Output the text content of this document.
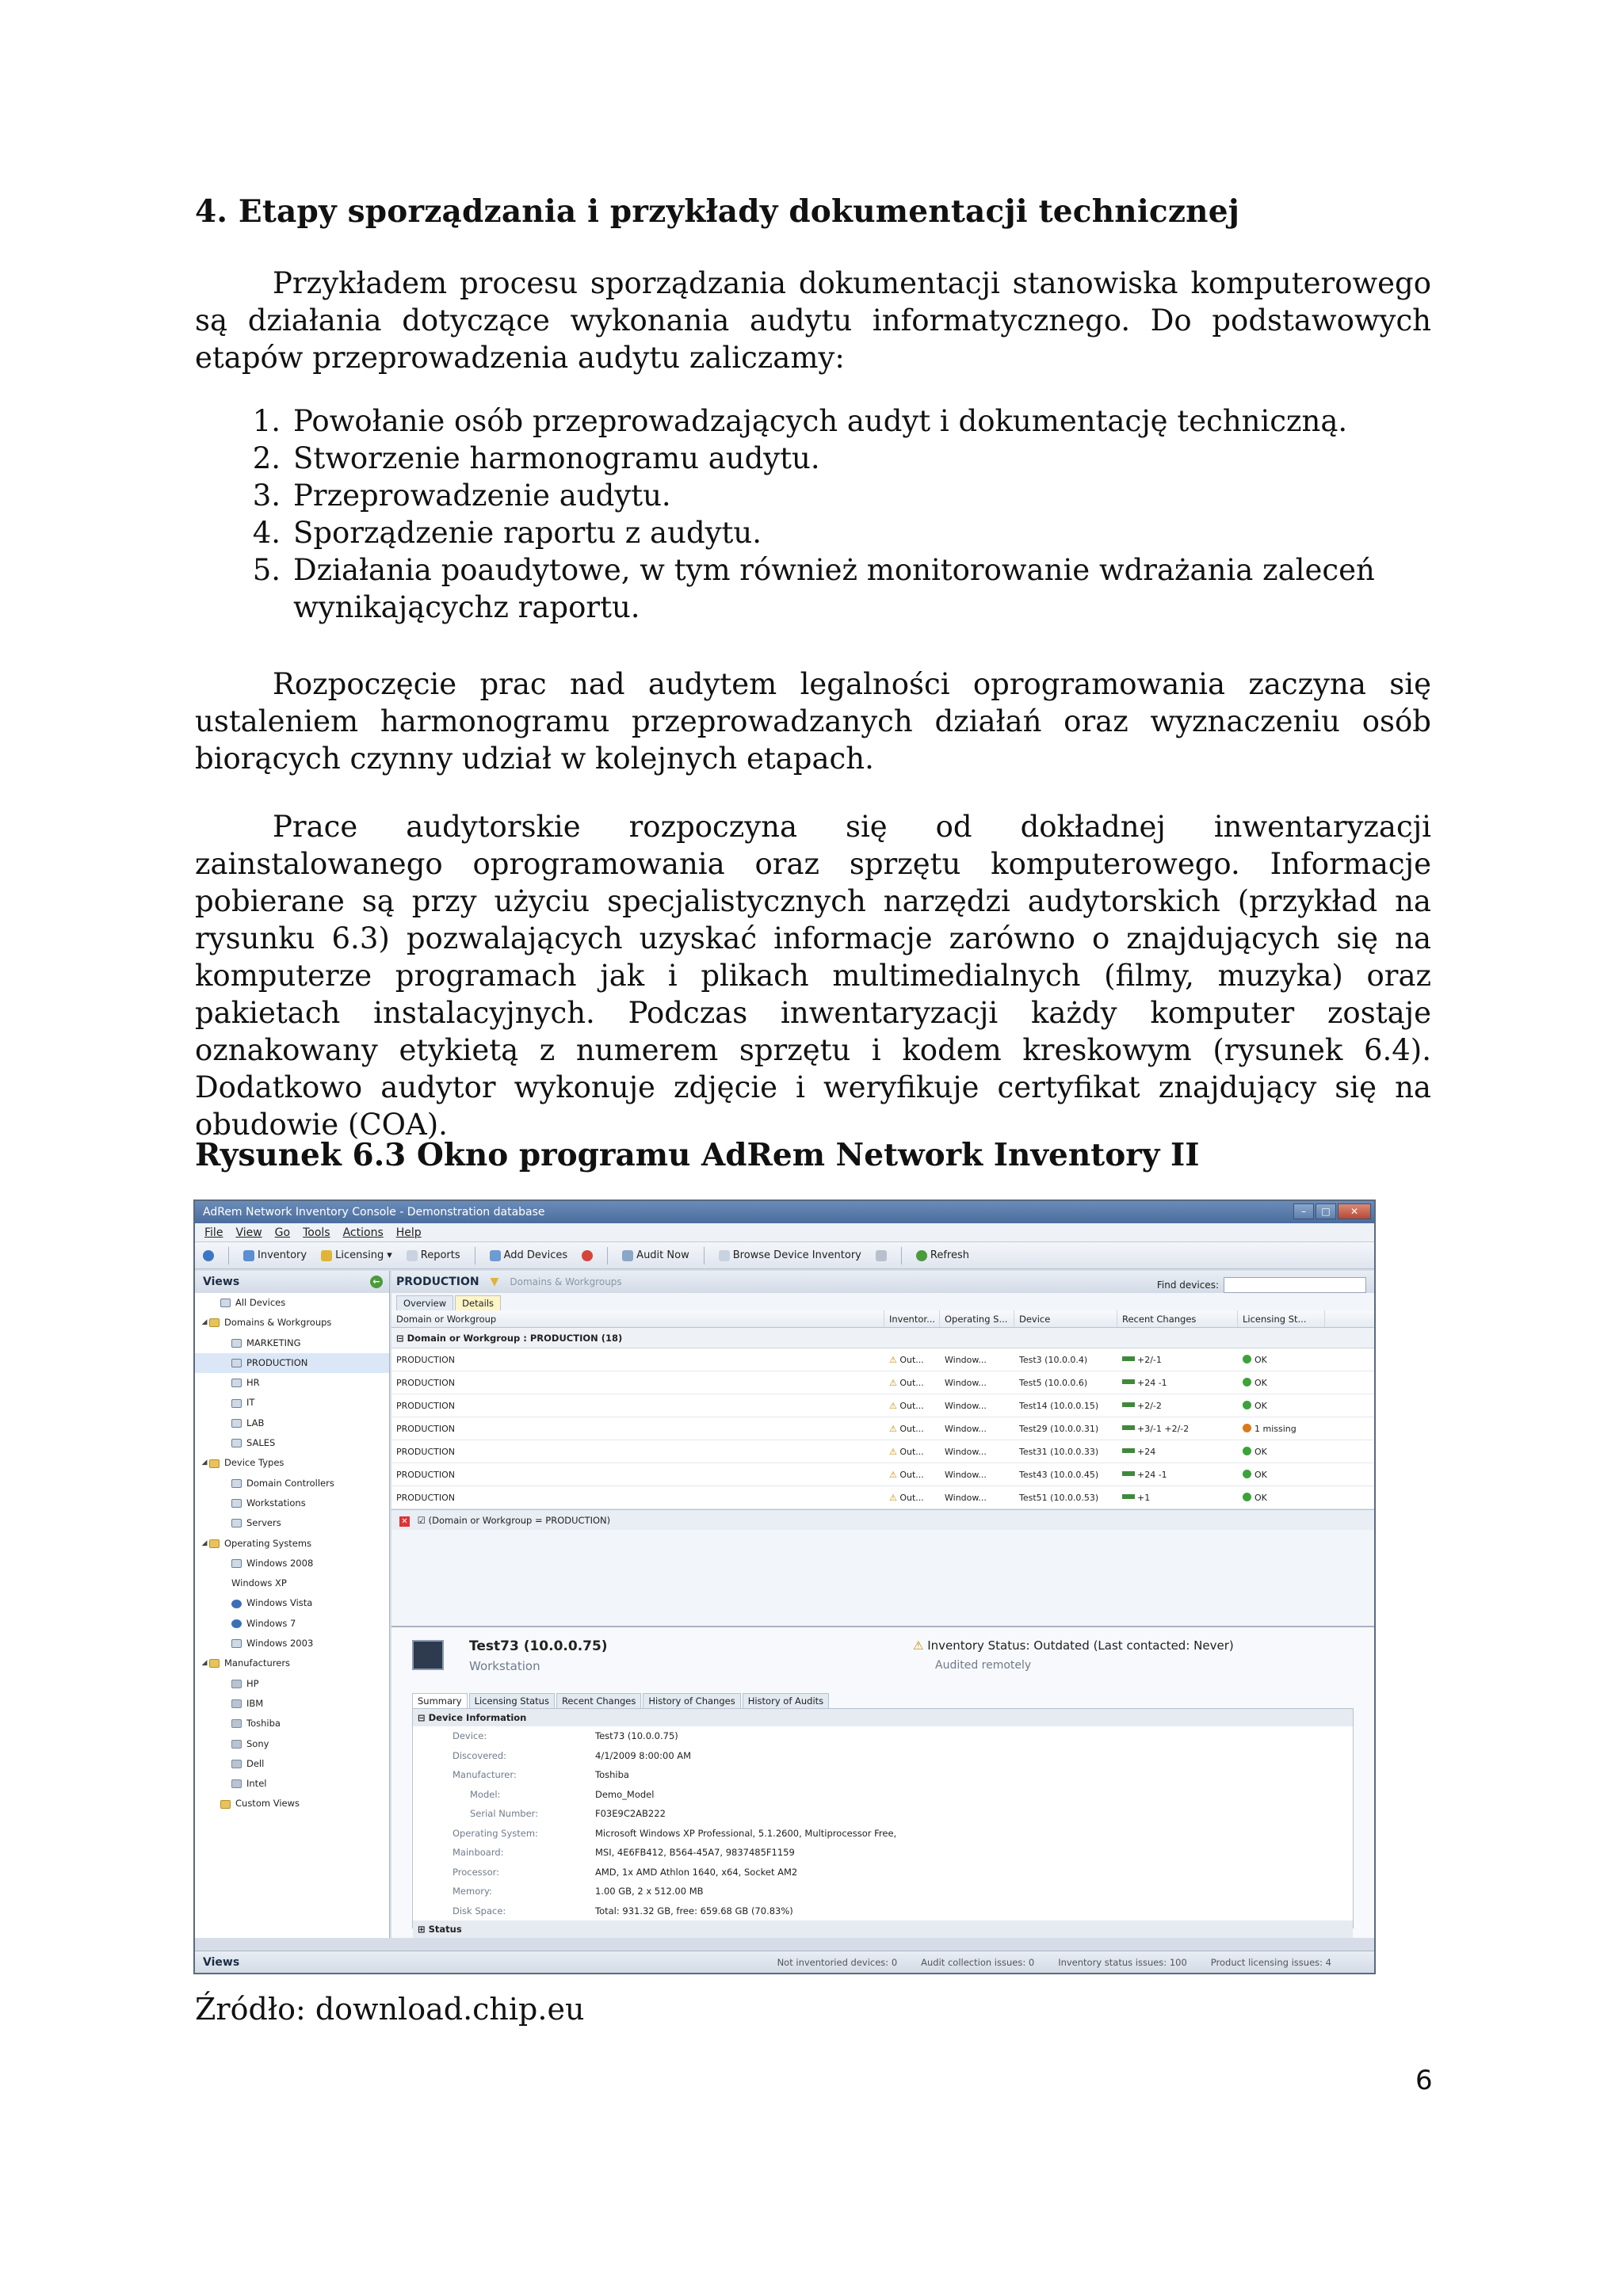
4. Etapy sporządzania i przykłady dokumentacji technicznej

Przykładem procesu sporządzania dokumentacji stanowiska komputerowego są działania dotyczące wykonania audytu informatycznego. Do podstawowych etapów przeprowadzenia audytu zaliczamy:

1. Powołanie osób przeprowadzających audyt i dokumentację techniczną.
2. Stworzenie harmonogramu audytu.
3. Przeprowadzenie audytu.
4. Sporządzenie raportu z audytu.
5. Działania poaudytowe, w tym również monitorowanie wdrażania zaleceń wynikającychz raportu.

Rozpoczęcie prac nad audytem legalności oprogramowania zaczyna się ustaleniem harmonogramu przeprowadzanych działań oraz wyznaczeniu osób biorących czynny udział w kolejnych etapach.

Prace audytorskie rozpoczyna się od dokładnej inwentaryzacji zainstalowanego oprogramowania oraz sprzętu komputerowego. Informacje pobierane są przy użyciu specjalistycznych narzędzi audytorskich (przykład na rysunku 6.3) pozwalających uzyskać informacje zarówno o znajdujących się na komputerze programach jak i plikach multimedialnych (filmy, muzyka) oraz pakietach instalacyjnych. Podczas inwentaryzacji każdy komputer zostaje oznakowany etykietą z numerem sprzętu i kodem kreskowym (rysunek 6.4). Dodatkowo audytor wykonuje zdjęcie i weryfikuje certyfikat znajdujący się na obudowie (COA).

Rysunek 6.3 Okno programu AdRem Network Inventory II
AdRem Network Inventory Console - Demonstration database	–	□	✕
File View Go Tools Actions Help
Inventory	Licensing ▾	Reports	Add Devices	Audit Now	Browse Device Inventory	Refresh
Views	←
All Devices
◢ Domains & Workgroups
MARKETING
PRODUCTION
HR
IT
LAB
SALES
◢ Device Types
Domain Controllers
Workstations
Servers
◢ Operating Systems
Windows 2008
Windows XP
Windows Vista
Windows 7
Windows 2003
◢ Manufacturers
HP
IBM
Toshiba
Sony
Dell
Intel
Custom Views
PRODUCTION ▼ Domains & Workgroups	Find devices:
Overview	Details
Domain or Workgroup	Inventor...	Operating S...	Device	Recent Changes	Licensing St...
⊟ Domain or Workgroup : PRODUCTION (18)
PRODUCTION	⚠ Out...	Window...	Test3 (10.0.0.4)	+2/-1	OK
PRODUCTION	⚠ Out...	Window...	Test5 (10.0.0.6)	+24 -1	OK
PRODUCTION	⚠ Out...	Window...	Test14 (10.0.0.15)	+2/-2	OK
PRODUCTION	⚠ Out...	Window...	Test29 (10.0.0.31)	+3/-1 +2/-2	1 missing
PRODUCTION	⚠ Out...	Window...	Test31 (10.0.0.33)	+24	OK
PRODUCTION	⚠ Out...	Window...	Test43 (10.0.0.45)	+24 -1	OK
PRODUCTION	⚠ Out...	Window...	Test51 (10.0.0.53)	+1	OK
✕ ☑ (Domain or Workgroup = PRODUCTION)
Test73 (10.0.0.75)
Workstation
⚠ Inventory Status: Outdated (Last contacted: Never)
Audited remotely
Summary	Licensing Status	Recent Changes	History of Changes	History of Audits
⊟ Device Information
Device:	Test73 (10.0.0.75)
Discovered:	4/1/2009 8:00:00 AM
Manufacturer:	Toshiba
Model:	Demo_Model
Serial Number:	F03E9C2AB222
Operating System:	Microsoft Windows XP Professional, 5.1.2600, Multiprocessor Free,
Mainboard:	MSI, 4E6FB412, B564-45A7, 9837485F1159
Processor:	AMD, 1x AMD Athlon 1640, x64, Socket AM2
Memory:	1.00 GB, 2 x 512.00 MB
Disk Space:	Total: 931.32 GB, free: 659.68 GB (70.83%)
⊞ Status
Views	Not inventoried devices: 0	Audit collection issues: 0	Inventory status issues: 100	Product licensing issues: 4
Źródło: download.chip.eu
6
